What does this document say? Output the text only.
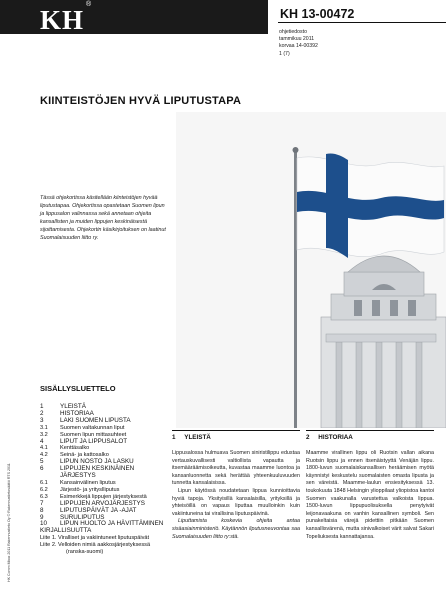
KH®
KH 13-00472
ohjetiedosto
tammikuu 2011
korvaa 14-00392
1 (7)
KIINTEISTÖJEN HYVÄ LIPUTUSTAPA
Tässä ohjekortissa käsitellään kiinteistöjen hyvää liputustapaa. Ohjekortissa opastetaan Suomen lipun ja lippusalon valinnassa sekä annetaan ohjeita kansallisten ja muiden lippujen keskinäisestä sijoittamisesta. Ohjekortin käsikirjoituksen on laatinut Suomalaisuuden liitto ry.
SISÄLLYSLUETTELO
1	YLEISTÄ
2	HISTORIAA
3	LAKI SUOMEN LIPUSTA
3.1	Suomen valtakunnan liput
3.2	Suomen lipun mittasuhteet
4	LIPUT JA LIPPUSALOT
4.1	Kenttäsalko
4.2	Seinä- ja kattosalko
5	LIPUN NOSTO JA LASKU
6	LIPPUJEN KESKINÄINEN JÄRJESTYS
6.1	Kansainvälinen liputus
6.2	Järjestö- ja yrityslliputus
6.3	Esimerkkejä lippujen järjestyksestä
7	LIPPUJEN ARVOJÄRJESTYS
8	LIPUTUSPÄIVÄT JA -AJAT
9	SURULIPUTUS
10	LIPUN HUOLTO JA HÄVITTÄMINEN
KIRJALLISUUTTA
Liite 1. Viralliset ja vakiintuneet liputuspäivät
Liite 2. Velloiden nimiä aakkosjärjestyksessä (ranska-suomi)
1 YLEISTÄ

Lippusalossa hulmuava Suomen siniristilippu edustaa vertauskuvallisesti valtiollista vapautta ja itsemääräämisoikeutta, kuvastaa maamme luontoa ja kansanluonnetta sekä herättää yhteenkuuluvuuden tunnetta kansalaisissa.

Lipun käytössä noudatetaan lippua kunnioittavia hyviä tapoja. Yksityisillä kansalaisilla, yrityksillä ja yhteisöillä on vapaus liputtaa muulloinkin kuin vakiintuneina tai virallisina liputuspäivinä.

Liputtamista koskevia ohjeita antaa sisäasiainministeriö. Käytännön liputusneuvontaa saa Suomalaisuuden liitto ry:stä.

2 HISTORIAA

Maamme virallinen lippu oli Ruotsin vallan aikana Ruotsin lippu ja ennen itsenäistyyttä Venäjän lippu. 1800-luvun suomalaiskansallisen heräämisen myötä käynnistyi keskustelu suomalaisten omasta lipusta ja sen väreistä. Maamme-laulun ensiesityksessä 13. toukokuuta 1848 Helsingin ylioppilaat yliopistoa kantoi Suomen vaakunalla varustettua valkoista lippua. 1500-luvun lippupuolisuksella penytyivät leijonavaakuna on vanhin kansallinen symboli. Sen punakeltaisia värejä pidettiin pitkään Suomen kansallisvärenä, mutta sinivalkoiset värit salvat Sakari Topeliuksesta kannattajansa.

HK Comm Mbox 2011 Rakennustieto Oy © Rakennustietosäätiö RTS 2011
